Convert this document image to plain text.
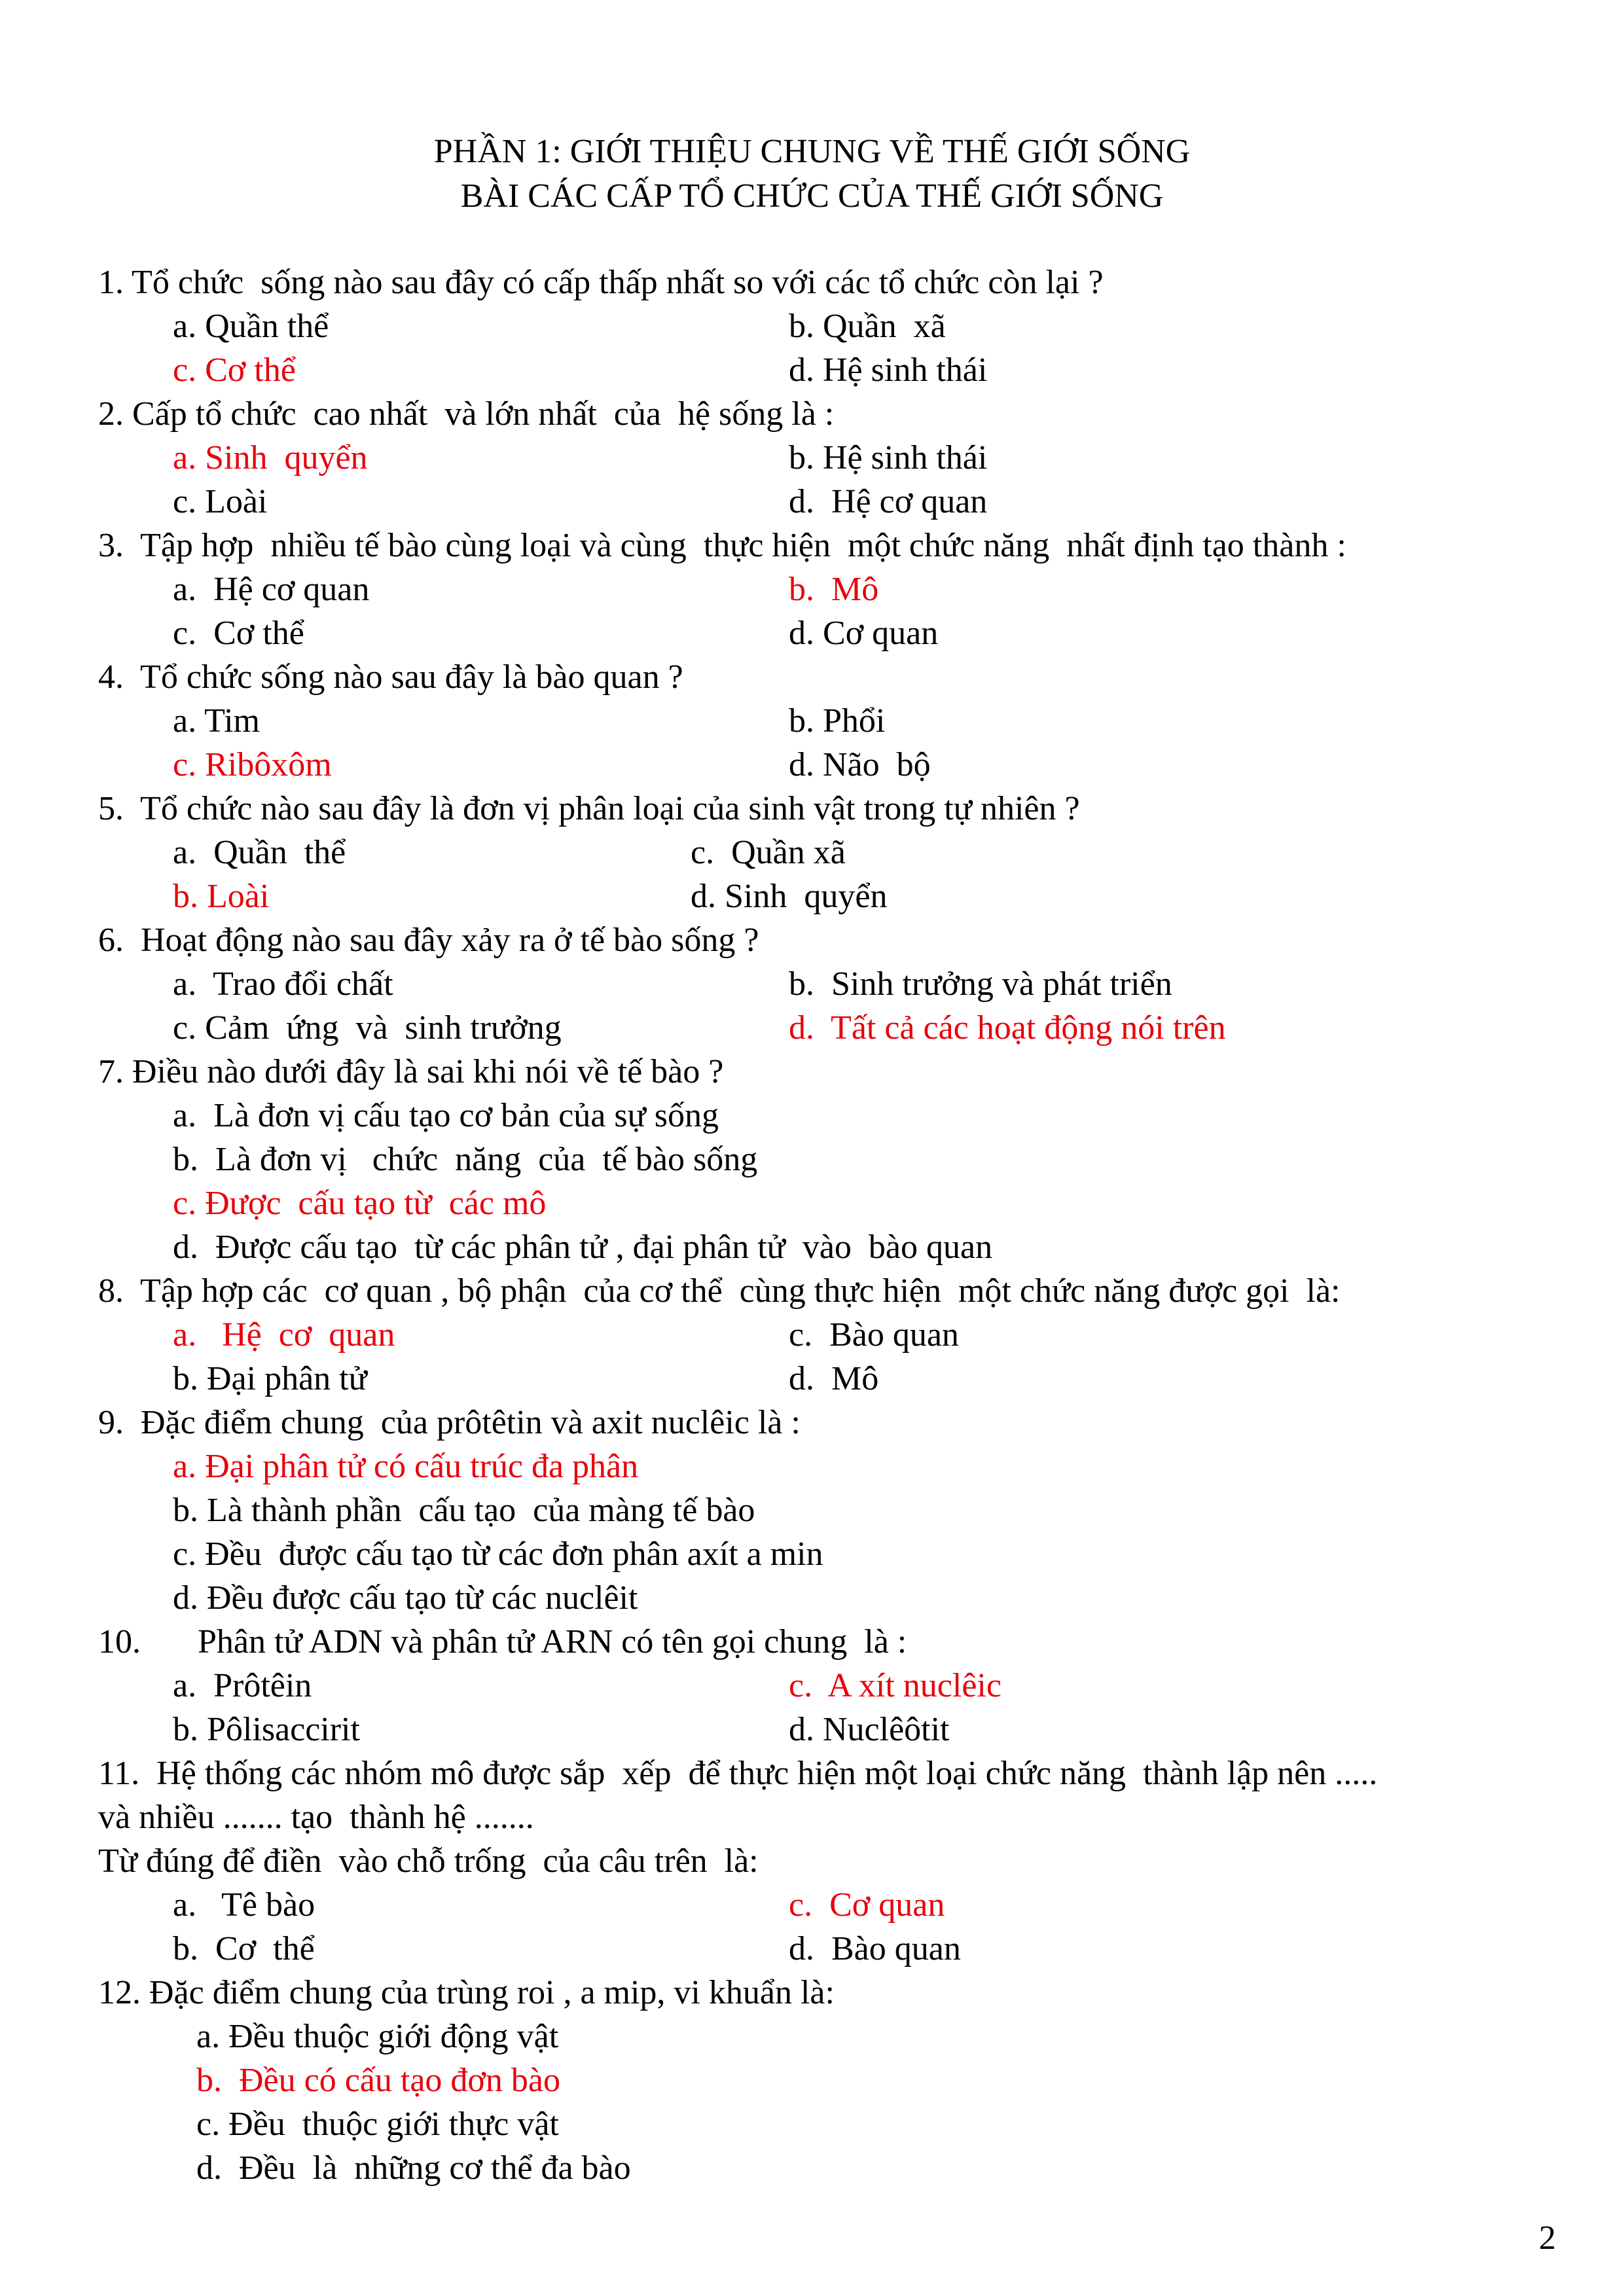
PHẦN 1: GIỚI THIỆU CHUNG VỀ THẾ GIỚI SỐNG
BÀI CÁC CẤP TỔ CHỨC CỦA THẾ GIỚI SỐNG
1. Tổ chức  sống nào sau đây có cấp thấp nhất so với các tổ chức còn lại ?
a. Quần thể	b. Quần  xã
c. Cơ thể	d. Hệ sinh thái
2. Cấp tổ chức  cao nhất  và lớn nhất  của  hệ sống là :
a. Sinh  quyển	b. Hệ sinh thái
c. Loài	d.  Hệ cơ quan
3.  Tập hợp  nhiều tế bào cùng loại và cùng  thực hiện  một chức năng  nhất định tạo thành :
a.  Hệ cơ quan	b.  Mô
c.  Cơ thể	d. Cơ quan
4.  Tổ chức sống nào sau đây là bào quan ?
a. Tim	b. Phổi
c. Ribôxôm	d. Não  bộ
5.  Tổ chức nào sau đây là đơn vị phân loại của sinh vật trong tự nhiên ?
a.  Quần  thể	c.  Quần xã
b. Loài	d. Sinh  quyển
6.  Hoạt động nào sau đây xảy ra ở tế bào sống ?
a.  Trao đổi chất	b.  Sinh trưởng và phát triển
c. Cảm  ứng  và  sinh trưởng	d.  Tất cả các hoạt động nói trên
7. Điều nào dưới đây là sai khi nói về tế bào ?
a.  Là đơn vị cấu tạo cơ bản của sự sống
b.  Là đơn vị   chức  năng  của  tế bào sống
c. Được  cấu tạo từ  các mô
d.  Được cấu tạo  từ các phân tử , đại phân tử  vào  bào quan
8.  Tập hợp các  cơ quan , bộ phận  của cơ thể  cùng thực hiện  một chức năng được gọi  là:
a.   Hệ  cơ  quan	c.  Bào quan
b. Đại phân tử	d.  Mô
9.  Đặc điểm chung  của prôtêtin và axit nuclêic là :
a. Đại phân tử có cấu trúc đa phân
b. Là thành phần  cấu tạo  của màng tế bào
c. Đều  được cấu tạo từ các đơn phân axít a min
d. Đều được cấu tạo từ các nuclêit
10. Phân tử ADN và phân tử ARN có tên gọi chung  là :
a.  Prôtêin	c.  A xít nuclêic
b. Pôlisaccirit	d. Nuclêôtit
11.  Hệ thống các nhóm mô được sắp  xếp  để thực hiện một loại chức năng  thành lập nên .....
và nhiều ....... tạo  thành hệ .......
Từ đúng để điền  vào chỗ trống  của câu trên  là:
a.   Tê bào	c.  Cơ quan
b.  Cơ  thể	d.  Bào quan
12. Đặc điểm chung của trùng roi , a mip, vi khuẩn là:
a. Đều thuộc giới động vật
b.  Đều có cấu tạo đơn bào
c. Đều  thuộc giới thực vật
d.  Đều  là  những cơ thể đa bào
2
